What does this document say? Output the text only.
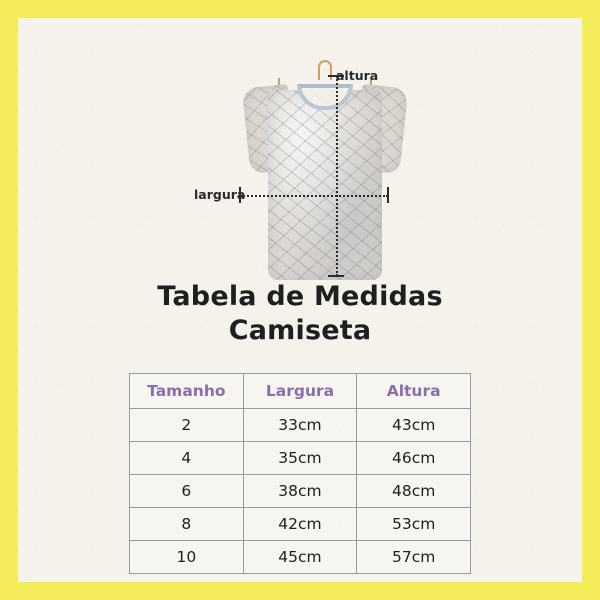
altura
largura
Tabela de Medidas
Camiseta
Tamanho	Largura	Altura
2	33cm	43cm
4	35cm	46cm
6	38cm	48cm
8	42cm	53cm
10	45cm	57cm
